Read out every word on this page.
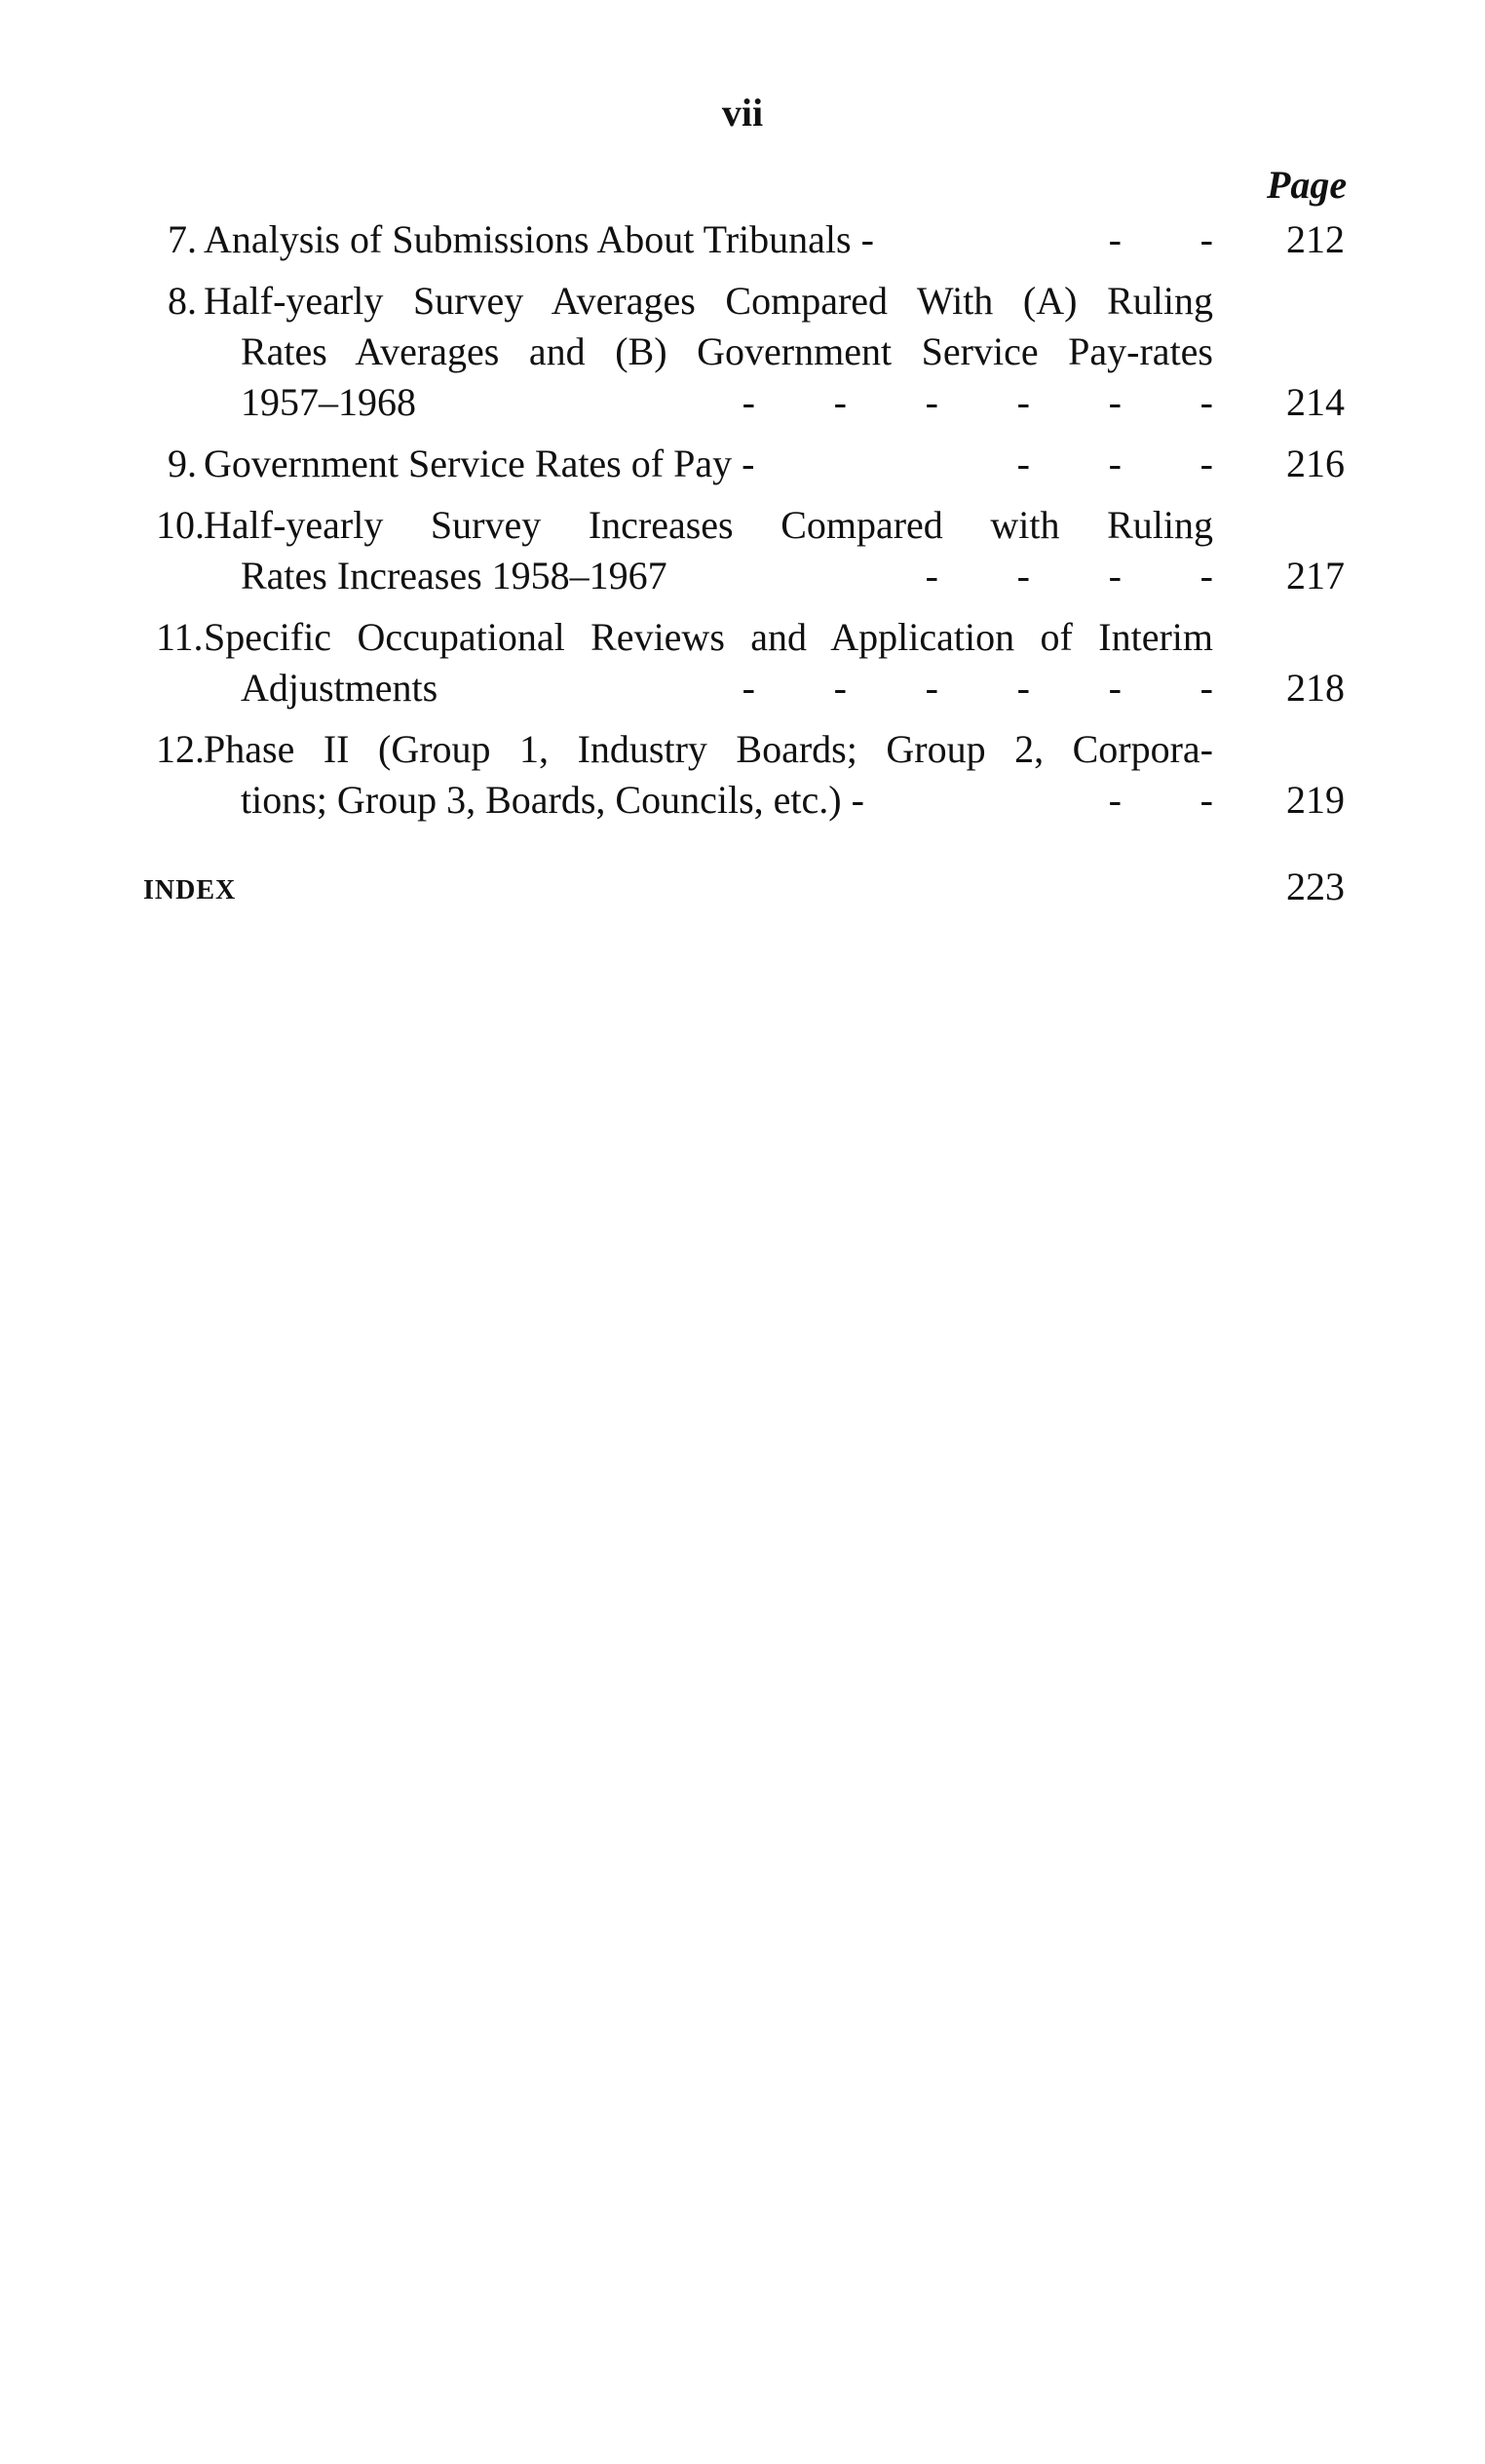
vii
Page
7. Analysis of Submissions About Tribunals -	-	-	212
8. Half-yearly Survey Averages Compared With (A) Ruling
Rates Averages and (B) Government Service Pay-rates
1957–1968	-	-	-	-	-	-	214
9. Government Service Rates of Pay -	-	-	-	216
10. Half-yearly Survey Increases Compared with Ruling
Rates Increases 1958–1967	-	-	-	-	217
11. Specific Occupational Reviews and Application of Interim
Adjustments	-	-	-	-	-	-	218
12. Phase II (Group 1, Industry Boards; Group 2, Corpora-
tions; Group 3, Boards, Councils, etc.) -	-	-	219
INDEX	223
